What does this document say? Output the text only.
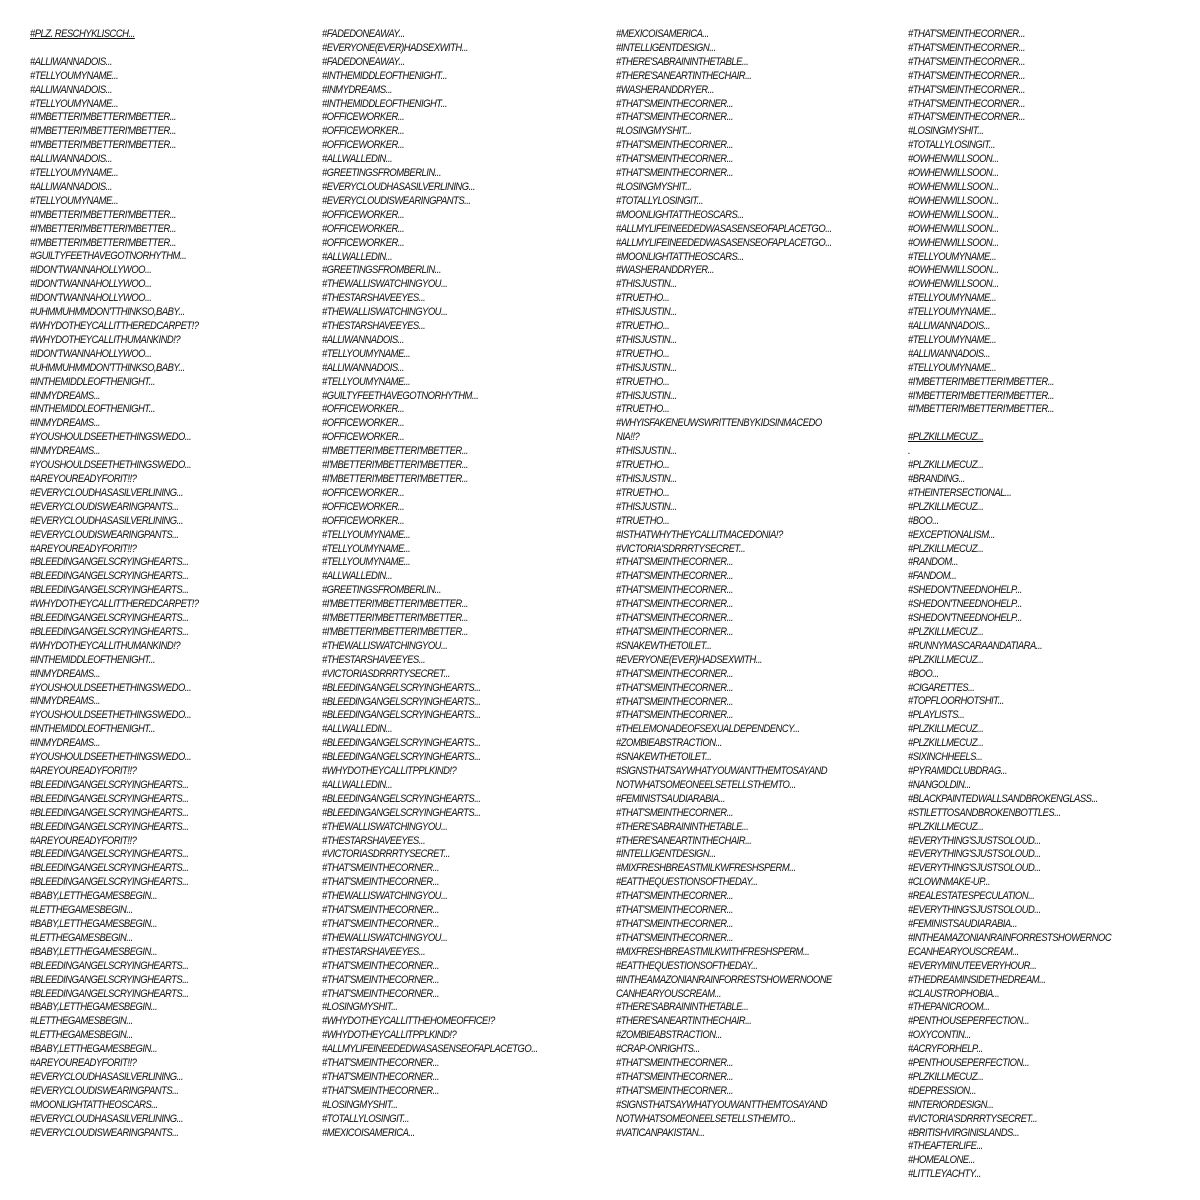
#PLZ. RESCHYKLISCCH...
#ALLIWANNADOIS...
#TELLYOUMYNAME...
#ALLIWANNADOIS...
#TELLYOUMYNAME...
#I'MBETTERI'MBETTERI'MBETTER...
#I'MBETTERI'MBETTERI'MBETTER...
#I'MBETTERI'MBETTERI'MBETTER...
#ALLIWANNADOIS...
#TELLYOUMYNAME...
#ALLIWANNADOIS...
#TELLYOUMYNAME...
#I'MBETTERI'MBETTERI'MBETTER...
#I'MBETTERI'MBETTERI'MBETTER...
#I'MBETTERI'MBETTERI'MBETTER...
#GUILTYFEETHAVEGOTNORHYTHM...
#IDON'TWANNAHOLLYWOO...
#IDON'TWANNAHOLLYWOO...
#IDON'TWANNAHOLLYWOO...
#UHMMUHMMDON'TTHINKSO,BABY...
#WHYDOTHEYCALLITTHEREDCARPET!?
#WHYDOTHEYCALLITHUMANKIND!?
#IDON'TWANNAHOLLYWOO...
#UHMMUHMMDON'TTHINKSO,BABY...
#INTHEMIDDLEOFTHENIGHT...
#INMYDREAMS...
#INTHEMIDDLEOFTHENIGHT...
#INMYDREAMS...
#YOUSHOULDSEETHETHINGSWEDO...
#INMYDREAMS...
#YOUSHOULDSEETHETHINGSWEDO...
#AREYOUREADYFORIT!!?
#EVERYCLOUDHASASILVERLINING...
#EVERYCLOUDISWEARINGPANTS...
#EVERYCLOUDHASASILVERLINING...
#EVERYCLOUDISWEARINGPANTS...
#AREYOUREADYFORIT!!?
#BLEEDINGANGELSCRYINGHEARTS...
#BLEEDINGANGELSCRYINGHEARTS...
#BLEEDINGANGELSCRYINGHEARTS...
#WHYDOTHEYCALLITTHEREDCARPET!?
#BLEEDINGANGELSCRYINGHEARTS...
#BLEEDINGANGELSCRYINGHEARTS...
#WHYDOTHEYCALLITHUMANKIND!?
#INTHEMIDDLEOFTHENIGHT...
#INMYDREAMS...
#YOUSHOULDSEETHETHINGSWEDO...
#INMYDREAMS...
#YOUSHOULDSEETHETHINGSWEDO...
#INTHEMIDDLEOFTHENIGHT...
#INMYDREAMS...
#YOUSHOULDSEETHETHINGSWEDO...
#AREYOUREADYFORIT!!?
#BLEEDINGANGELSCRYINGHEARTS...
#BLEEDINGANGELSCRYINGHEARTS...
#BLEEDINGANGELSCRYINGHEARTS...
#BLEEDINGANGELSCRYINGHEARTS...
#AREYOUREADYFORIT!!?
#BLEEDINGANGELSCRYINGHEARTS...
#BLEEDINGANGELSCRYINGHEARTS...
#BLEEDINGANGELSCRYINGHEARTS...
#BABY,LETTHEGAMESBEGIN...
#LETTHEGAMESBEGIN...
#BABY,LETTHEGAMESBEGIN...
#LETTHEGAMESBEGIN...
#BABY,LETTHEGAMESBEGIN...
#BLEEDINGANGELSCRYINGHEARTS...
#BLEEDINGANGELSCRYINGHEARTS...
#BLEEDINGANGELSCRYINGHEARTS...
#BABY,LETTHEGAMESBEGIN...
#LETTHEGAMESBEGIN...
#LETTHEGAMESBEGIN...
#BABY,LETTHEGAMESBEGIN...
#AREYOUREADYFORIT!!?
#EVERYCLOUDHASASILVERLINING...
#EVERYCLOUDISWEARINGPANTS...
#MOONLIGHTATTHEOSCARS...
#EVERYCLOUDHASASILVERLINING...
#EVERYCLOUDISWEARINGPANTS...
#FADEDONEAWAY...
#EVERYONE(EVER)HADSEXWITH...
#FADEDONEAWAY...
#INTHEMIDDLEOFTHENIGHT...
#INMYDREAMS...
#INTHEMIDDLEOFTHENIGHT...
#OFFICEWORKER...
#OFFICEWORKER...
#OFFICEWORKER...
#ALLWALLEDIN...
#GREETINGSFROMBERLIN...
#EVERYCLOUDHASASILVERLINING...
#EVERYCLOUDISWEARINGPANTS...
#OFFICEWORKER...
#OFFICEWORKER...
#OFFICEWORKER...
#ALLWALLEDIN...
#GREETINGSFROMBERLIN...
#THEWALLISWATCHINGYOU...
#THESTARSHAVEEYES...
#THEWALLISWATCHINGYOU...
#THESTARSHAVEEYES...
#ALLIWANNADOIS...
#TELLYOUMYNAME...
#ALLIWANNADOIS...
#TELLYOUMYNAME...
#GUILTYFEETHAVEGOTNORHYTHM...
#OFFICEWORKER...
#OFFICEWORKER...
#OFFICEWORKER...
#I'MBETTERI'MBETTERI'MBETTER...
#I'MBETTERI'MBETTERI'MBETTER...
#I'MBETTERI'MBETTERI'MBETTER...
#OFFICEWORKER...
#OFFICEWORKER...
#OFFICEWORKER...
#TELLYOUMYNAME...
#TELLYOUMYNAME...
#TELLYOUMYNAME...
#ALLWALLEDIN...
#GREETINGSFROMBERLIN...
#I'MBETTERI'MBETTERI'MBETTER...
#I'MBETTERI'MBETTERI'MBETTER...
#I'MBETTERI'MBETTERI'MBETTER...
#THEWALLISWATCHINGYOU...
#THESTARSHAVEEYES...
#VICTORIASDRRRTYSECRET...
#BLEEDINGANGELSCRYINGHEARTS...
#BLEEDINGANGELSCRYINGHEARTS...
#BLEEDINGANGELSCRYINGHEARTS...
#ALLWALLEDIN...
#BLEEDINGANGELSCRYINGHEARTS...
#BLEEDINGANGELSCRYINGHEARTS...
#WHYDOTHEYCALLITPPLKIND!?
#ALLWALLEDIN...
#BLEEDINGANGELSCRYINGHEARTS...
#BLEEDINGANGELSCRYINGHEARTS...
#THEWALLISWATCHINGYOU...
#THESTARSHAVEEYES...
#VICTORIASDRRRTYSECRET...
#THAT'SMEINTHECORNER...
#THAT'SMEINTHECORNER...
#THEWALLISWATCHINGYOU...
#THAT'SMEINTHECORNER...
#THAT'SMEINTHECORNER...
#THEWALLISWATCHINGYOU...
#THESTARSHAVEEYES...
#THAT'SMEINTHECORNER...
#THAT'SMEINTHECORNER...
#THAT'SMEINTHECORNER...
#LOSINGMYSHIT...
#WHYDOTHEYCALLITTHEHOMEOFFICE!?
#WHYDOTHEYCALLITPPLKIND!?
#ALLMYLIFEINEEDEDWASASENSEOFAPLACETGO...
#THAT'SMEINTHECORNER...
#THAT'SMEINTHECORNER...
#THAT'SMEINTHECORNER...
#LOSINGMYSHIT...
#TOTALLYLOSINGIT...
#MEXICOISAMERICA...
#MEXICOISAMERICA...
#INTELLIGENTDESIGN...
#THERE'SABRAININTHETABLE...
#THERE'SANEARTINTHECHAIR...
#WASHERANDDRYER...
#THAT'SMEINTHECORNER...
#THAT'SMEINTHECORNER...
#LOSINGMYSHIT...
#THAT'SMEINTHECORNER...
#THAT'SMEINTHECORNER...
#THAT'SMEINTHECORNER...
#LOSINGMYSHIT...
#TOTALLYLOSINGIT...
#MOONLIGHTATTHEOSCARS...
#ALLMYLIFEINEEDEDWASASENSEOFAPLACETGO...
#ALLMYLIFEINEEDEDWASASENSEOFAPLACETGO...
#MOONLIGHTATTHEOSCARS...
#WASHERANDDRYER...
#THISJUSTIN...
#TRUETHO...
#THISJUSTIN...
#TRUETHO...
#THISJUSTIN...
#TRUETHO...
#THISJUSTIN...
#TRUETHO...
#THISJUSTIN...
#TRUETHO...
#WHYISFAKENEUWSWRITTENBYKIDSINMACEDO
NIA!!?
#THISJUSTIN...
#TRUETHO...
#THISJUSTIN...
#TRUETHO...
#THISJUSTIN...
#TRUETHO...
#ISTHATWHYTHEYCALLITMACEDONIA!?
#VICTORIA'SDRRRTYSECRET...
#THAT'SMEINTHECORNER...
#THAT'SMEINTHECORNER...
#THAT'SMEINTHECORNER...
#THAT'SMEINTHECORNER...
#THAT'SMEINTHECORNER...
#THAT'SMEINTHECORNER...
#SNAKEWTHETOILET...
#EVERYONE(EVER)HADSEXWITH...
#THAT'SMEINTHECORNER...
#THAT'SMEINTHECORNER...
#THAT'SMEINTHECORNER...
#THAT'SMEINTHECORNER...
#THELEMONADEOFSEXUALDEPENDENCY...
#ZOMBIEABSTRACTION...
#SNAKEWTHETOILET...
#SIGNSTHATSAYWHATYOUWANTTHEMTOSAYAND
NOTWHATSOMEONEELSETELLSTHEMTO...
#FEMINISTSAUDIARABIA...
#THAT'SMEINTHECORNER...
#THERE'SABRAININTHETABLE...
#THERE'SANEARTINTHECHAIR...
#INTELLIGENTDESIGN...
#MIXFRESHBREASTMILKWFRESHSPERM...
#EATTHEQUESTIONSOFTHEDAY...
#THAT'SMEINTHECORNER...
#THAT'SMEINTHECORNER...
#THAT'SMEINTHECORNER...
#THAT'SMEINTHECORNER...
#MIXFRESHBREASTMILKWITHFRESHSPERM...
#EATTHEQUESTIONSOFTHEDAY...
#INTHEAMAZONIANRAINFORRESTSHOWERNOONE
CANHEARYOUSCREAM...
#THERE'SABRAININTHETABLE...
#THERE'SANEARTINTHECHAIR...
#ZOMBIEABSTRACTION...
#CRAP-ONRIGHTS...
#THAT'SMEINTHECORNER...
#THAT'SMEINTHECORNER...
#THAT'SMEINTHECORNER...
#SIGNSTHATSAYWHATYOUWANTTHEMTOSAYAND
NOTWHATSOMEONEELSETELLSTHEMTO...
#VATICANPAKISTAN...
#THAT'SMEINTHECORNER...
#THAT'SMEINTHECORNER...
#THAT'SMEINTHECORNER...
#THAT'SMEINTHECORNER...
#THAT'SMEINTHECORNER...
#THAT'SMEINTHECORNER...
#THAT'SMEINTHECORNER...
#LOSINGMYSHIT...
#TOTALLYLOSINGIT...
#OWHENWILLSOON...
#OWHENWILLSOON...
#OWHENWILLSOON...
#OWHENWILLSOON...
#OWHENWILLSOON...
#OWHENWILLSOON...
#OWHENWILLSOON...
#TELLYOUMYNAME...
#OWHENWILLSOON...
#OWHENWILLSOON...
#TELLYOUMYNAME...
#TELLYOUMYNAME...
#ALLIWANNADOIS...
#TELLYOUMYNAME...
#ALLIWANNADOIS...
#TELLYOUMYNAME...
#I'MBETTERI'MBETTERI'MBETTER...
#I'MBETTERI'MBETTERI'MBETTER...
#I'MBETTERI'MBETTERI'MBETTER...
#PLZKILLMECUZ...
.
#PLZKILLMECUZ...
#BRANDING...
#THEINTERSECTIONAL...
#PLZKILLMECUZ...
#BOO...
#EXCEPTIONALISM...
#PLZKILLMECUZ...
#RANDOM...
#FANDOM...
#SHEDON'TNEEDNOHELP...
#SHEDON'TNEEDNOHELP...
#SHEDON'TNEEDNOHELP...
#PLZKILLMECUZ...
#RUNNYMASCARAANDATIARA...
#PLZKILLMECUZ...
#BOO...
#CIGARETTES...
#TOPFLOORHOTSHIT...
#PLAYLISTS...
#PLZKILLMECUZ...
#PLZKILLMECUZ...
#SIXINCHHEELS...
#PYRAMIDCLUBDRAG...
#NANGOLDIN...
#BLACKPAINTEDWALLSANDBROKENGLASS...
#STILETTOSANDBROKENBOTTLES...
#PLZKILLMECUZ...
#EVERYTHING'SJUSTSOLOUD...
#EVERYTHING'SJUSTSOLOUD...
#EVERYTHING'SJUSTSOLOUD...
#CLOWNMAKE-UP...
#REALESTATESPECULATION...
#EVERYTHING'SJUSTSOLOUD...
#FEMINISTSAUDIARABIA...
#INTHEAMAZONIANRAINFORRESTSHOWERNOC
ECANHEARYOUSCREAM...
#EVERYMINUTEEVERYHOUR...
#THEDREAMINSIDETHEDREAM...
#CLAUSTROPHOBIA...
#THEPANICROOM...
#PENTHOUSEPERFECTION...
#OXYCONTIN...
#ACRYFORHELP...
#PENTHOUSEPERFECTION...
#PLZKILLMECUZ...
#DEPRESSION...
#INTERIORDESIGN...
#VICTORIA'SDRRRTYSECRET...
#BRITISHVIRGINISLANDS...
#THEAFTERLIFE...
#HOMEALONE...
#LITTLEYACHTY...
